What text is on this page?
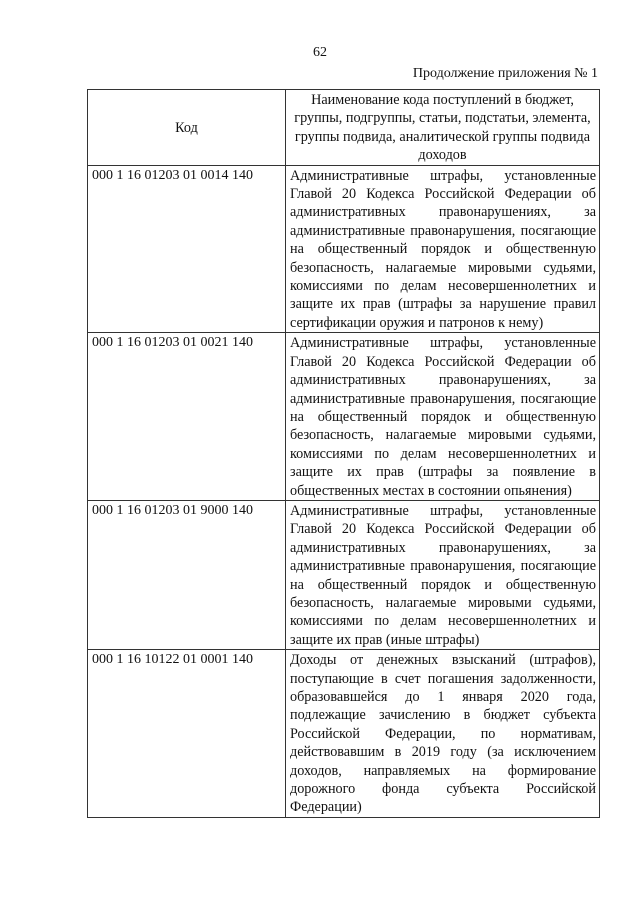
62
Продолжение приложения № 1
Код	Наименование кода поступлений в бюджет, группы, подгруппы, статьи, подстатьи, элемента, группы подвида, аналитической группы подвида доходов
000 1 16 01203 01 0014 140	Административные штрафы, установленные Главой 20 Кодекса Российской Федерации об административных правонарушениях, за административные правонарушения, посягающие на общественный порядок и общественную безопасность, налагаемые мировыми судьями, комиссиями по делам несовершеннолетних и защите их прав (штрафы за нарушение правил сертификации оружия и патронов к нему)
000 1 16 01203 01 0021 140	Административные штрафы, установленные Главой 20 Кодекса Российской Федерации об административных правонарушениях, за административные правонарушения, посягающие на общественный порядок и общественную безопасность, налагаемые мировыми судьями, комиссиями по делам несовершеннолетних и защите их прав (штрафы за появление в общественных местах в состоянии опьянения)
000 1 16 01203 01 9000 140	Административные штрафы, установленные Главой 20 Кодекса Российской Федерации об административных правонарушениях, за административные правонарушения, посягающие на общественный порядок и общественную безопасность, налагаемые мировыми судьями, комиссиями по делам несовершеннолетних и защите их прав (иные штрафы)
000 1 16 10122 01 0001 140	Доходы от денежных взысканий (штрафов), поступающие в счет погашения задолженности, образовавшейся до 1 января 2020 года, подлежащие зачислению в бюджет субъекта Российской Федерации, по нормативам, действовавшим в 2019 году (за исключением доходов, направляемых на формирование дорожного фонда субъекта Российской Федерации)
